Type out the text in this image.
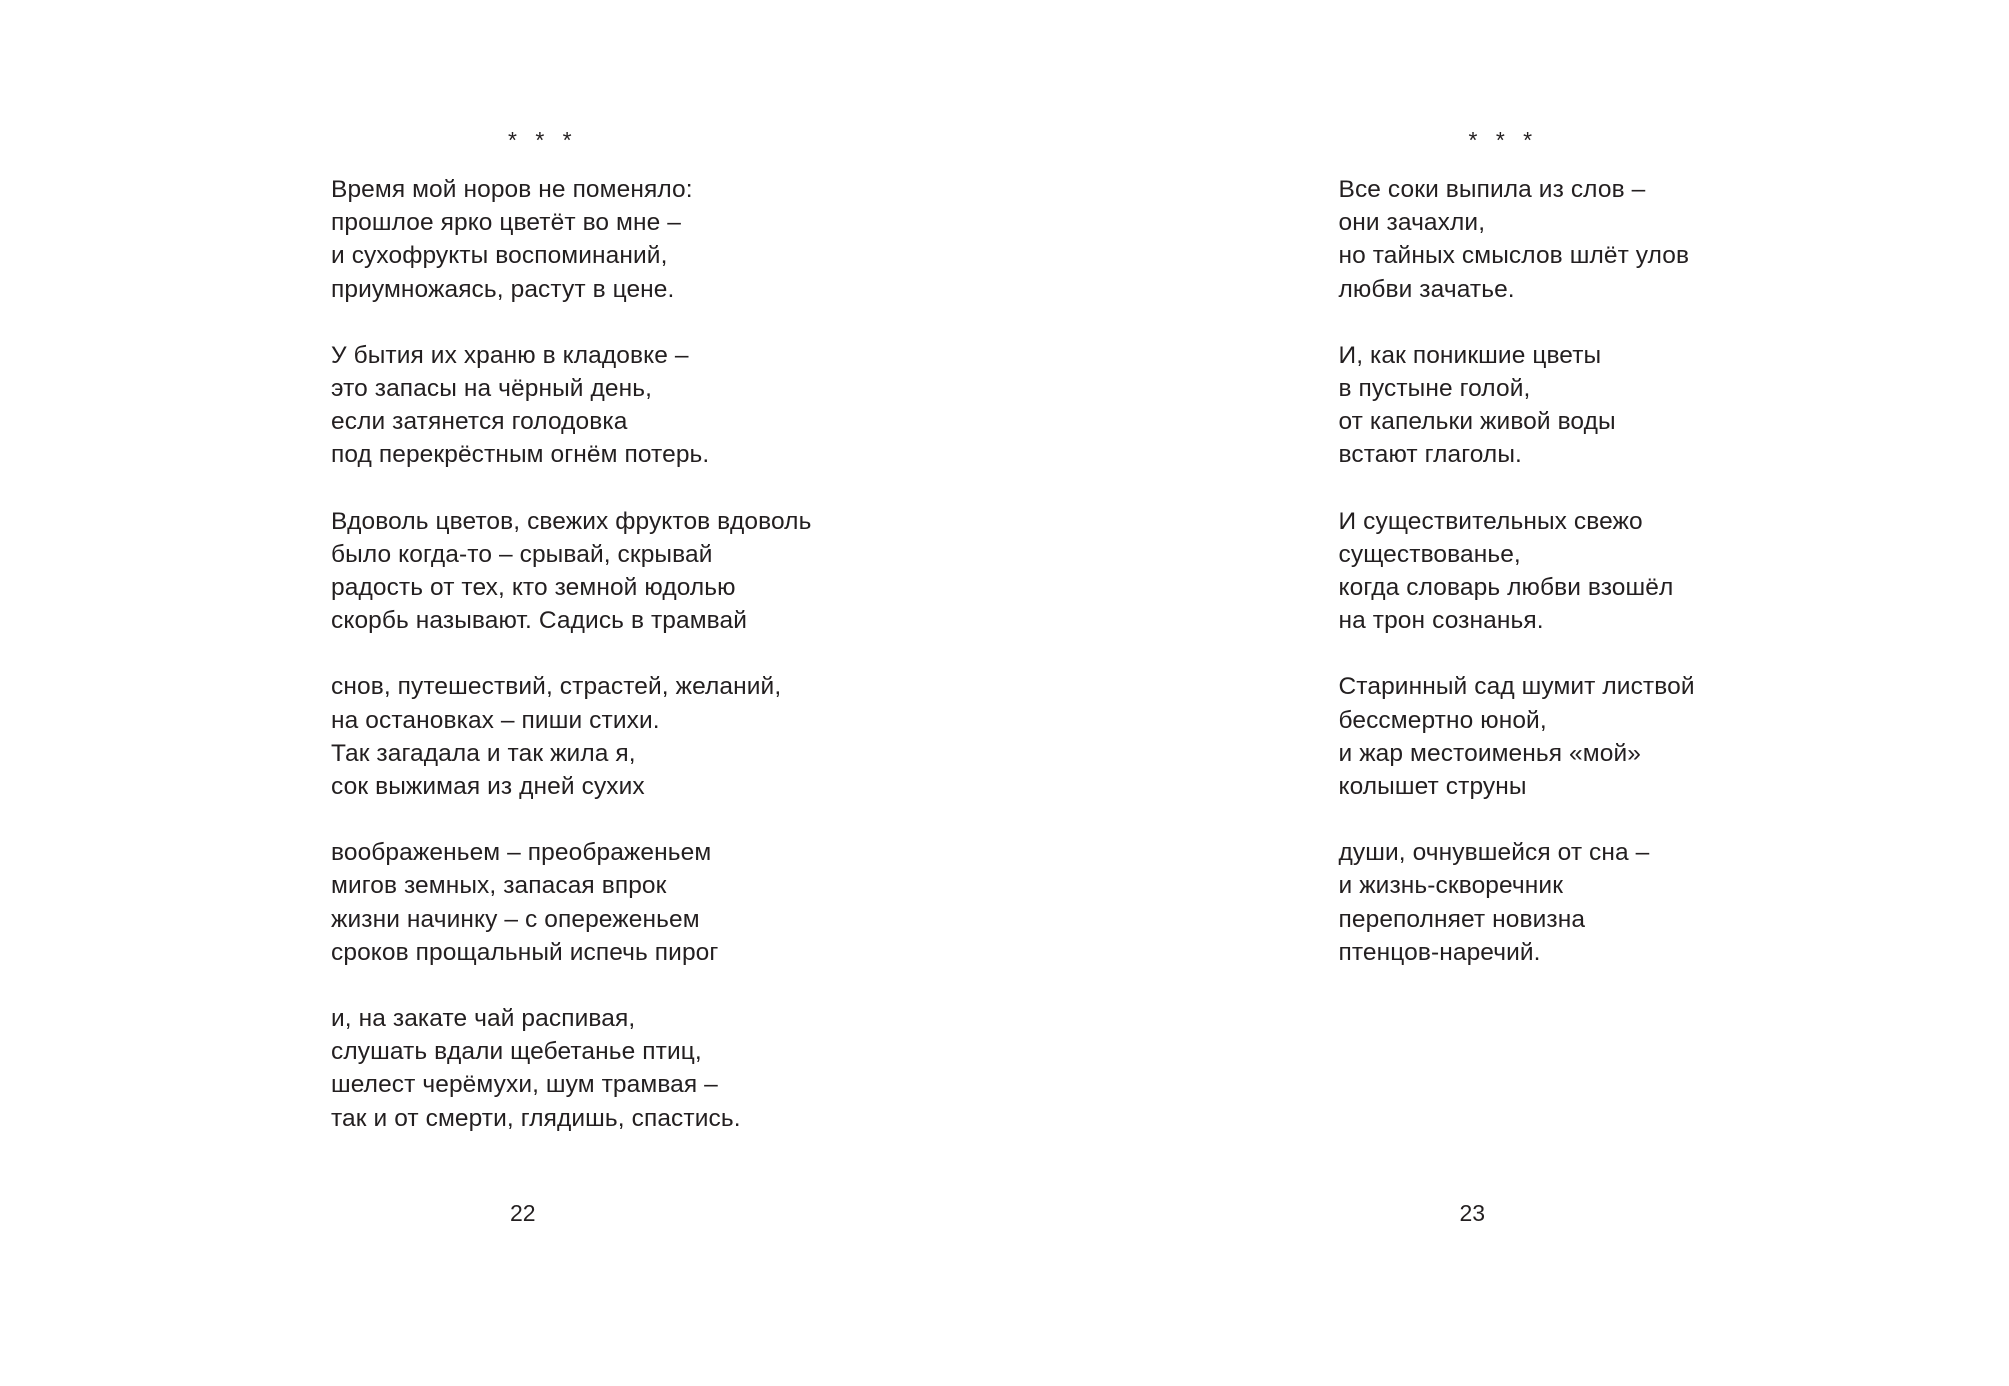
* * *
Время мой норов не поменяло:
прошлое ярко цветёт во мне –
и сухофрукты воспоминаний,
приумножаясь, растут в цене.
У бытия их храню в кладовке –
это запасы на чёрный день,
если затянется голодовка
под перекрёстным огнём потерь.
Вдоволь цветов, свежих фруктов вдоволь
было когда-то – срывай, скрывай
радость от тех, кто земной юдолью
скорбь называют. Садись в трамвай
снов, путешествий, страстей, желаний,
на остановках – пиши стихи.
Так загадала и так жила я,
сок выжимая из дней сухих
воображеньем – преображеньем
мигов земных, запасая впрок
жизни начинку – с опереженьем
сроков прощальный испечь пирог
и, на закате чай распивая,
слушать вдали щебетанье птиц,
шелест черёмухи, шум трамвая –
так и от смерти, глядишь, спастись.
22
* * *
Все соки выпила из слов –
они зачахли,
но тайных смыслов шлёт улов
любви зачатье.
И, как поникшие цветы
в пустыне голой,
от капельки живой воды
встают глаголы.
И существительных свежо
существованье,
когда словарь любви взошёл
на трон сознанья.
Старинный сад шумит листвой
бессмертно юной,
и жар местоименья «мой»
колышет струны
души, очнувшейся от сна –
и жизнь-скворечник
переполняет новизна
птенцов-наречий.
23
